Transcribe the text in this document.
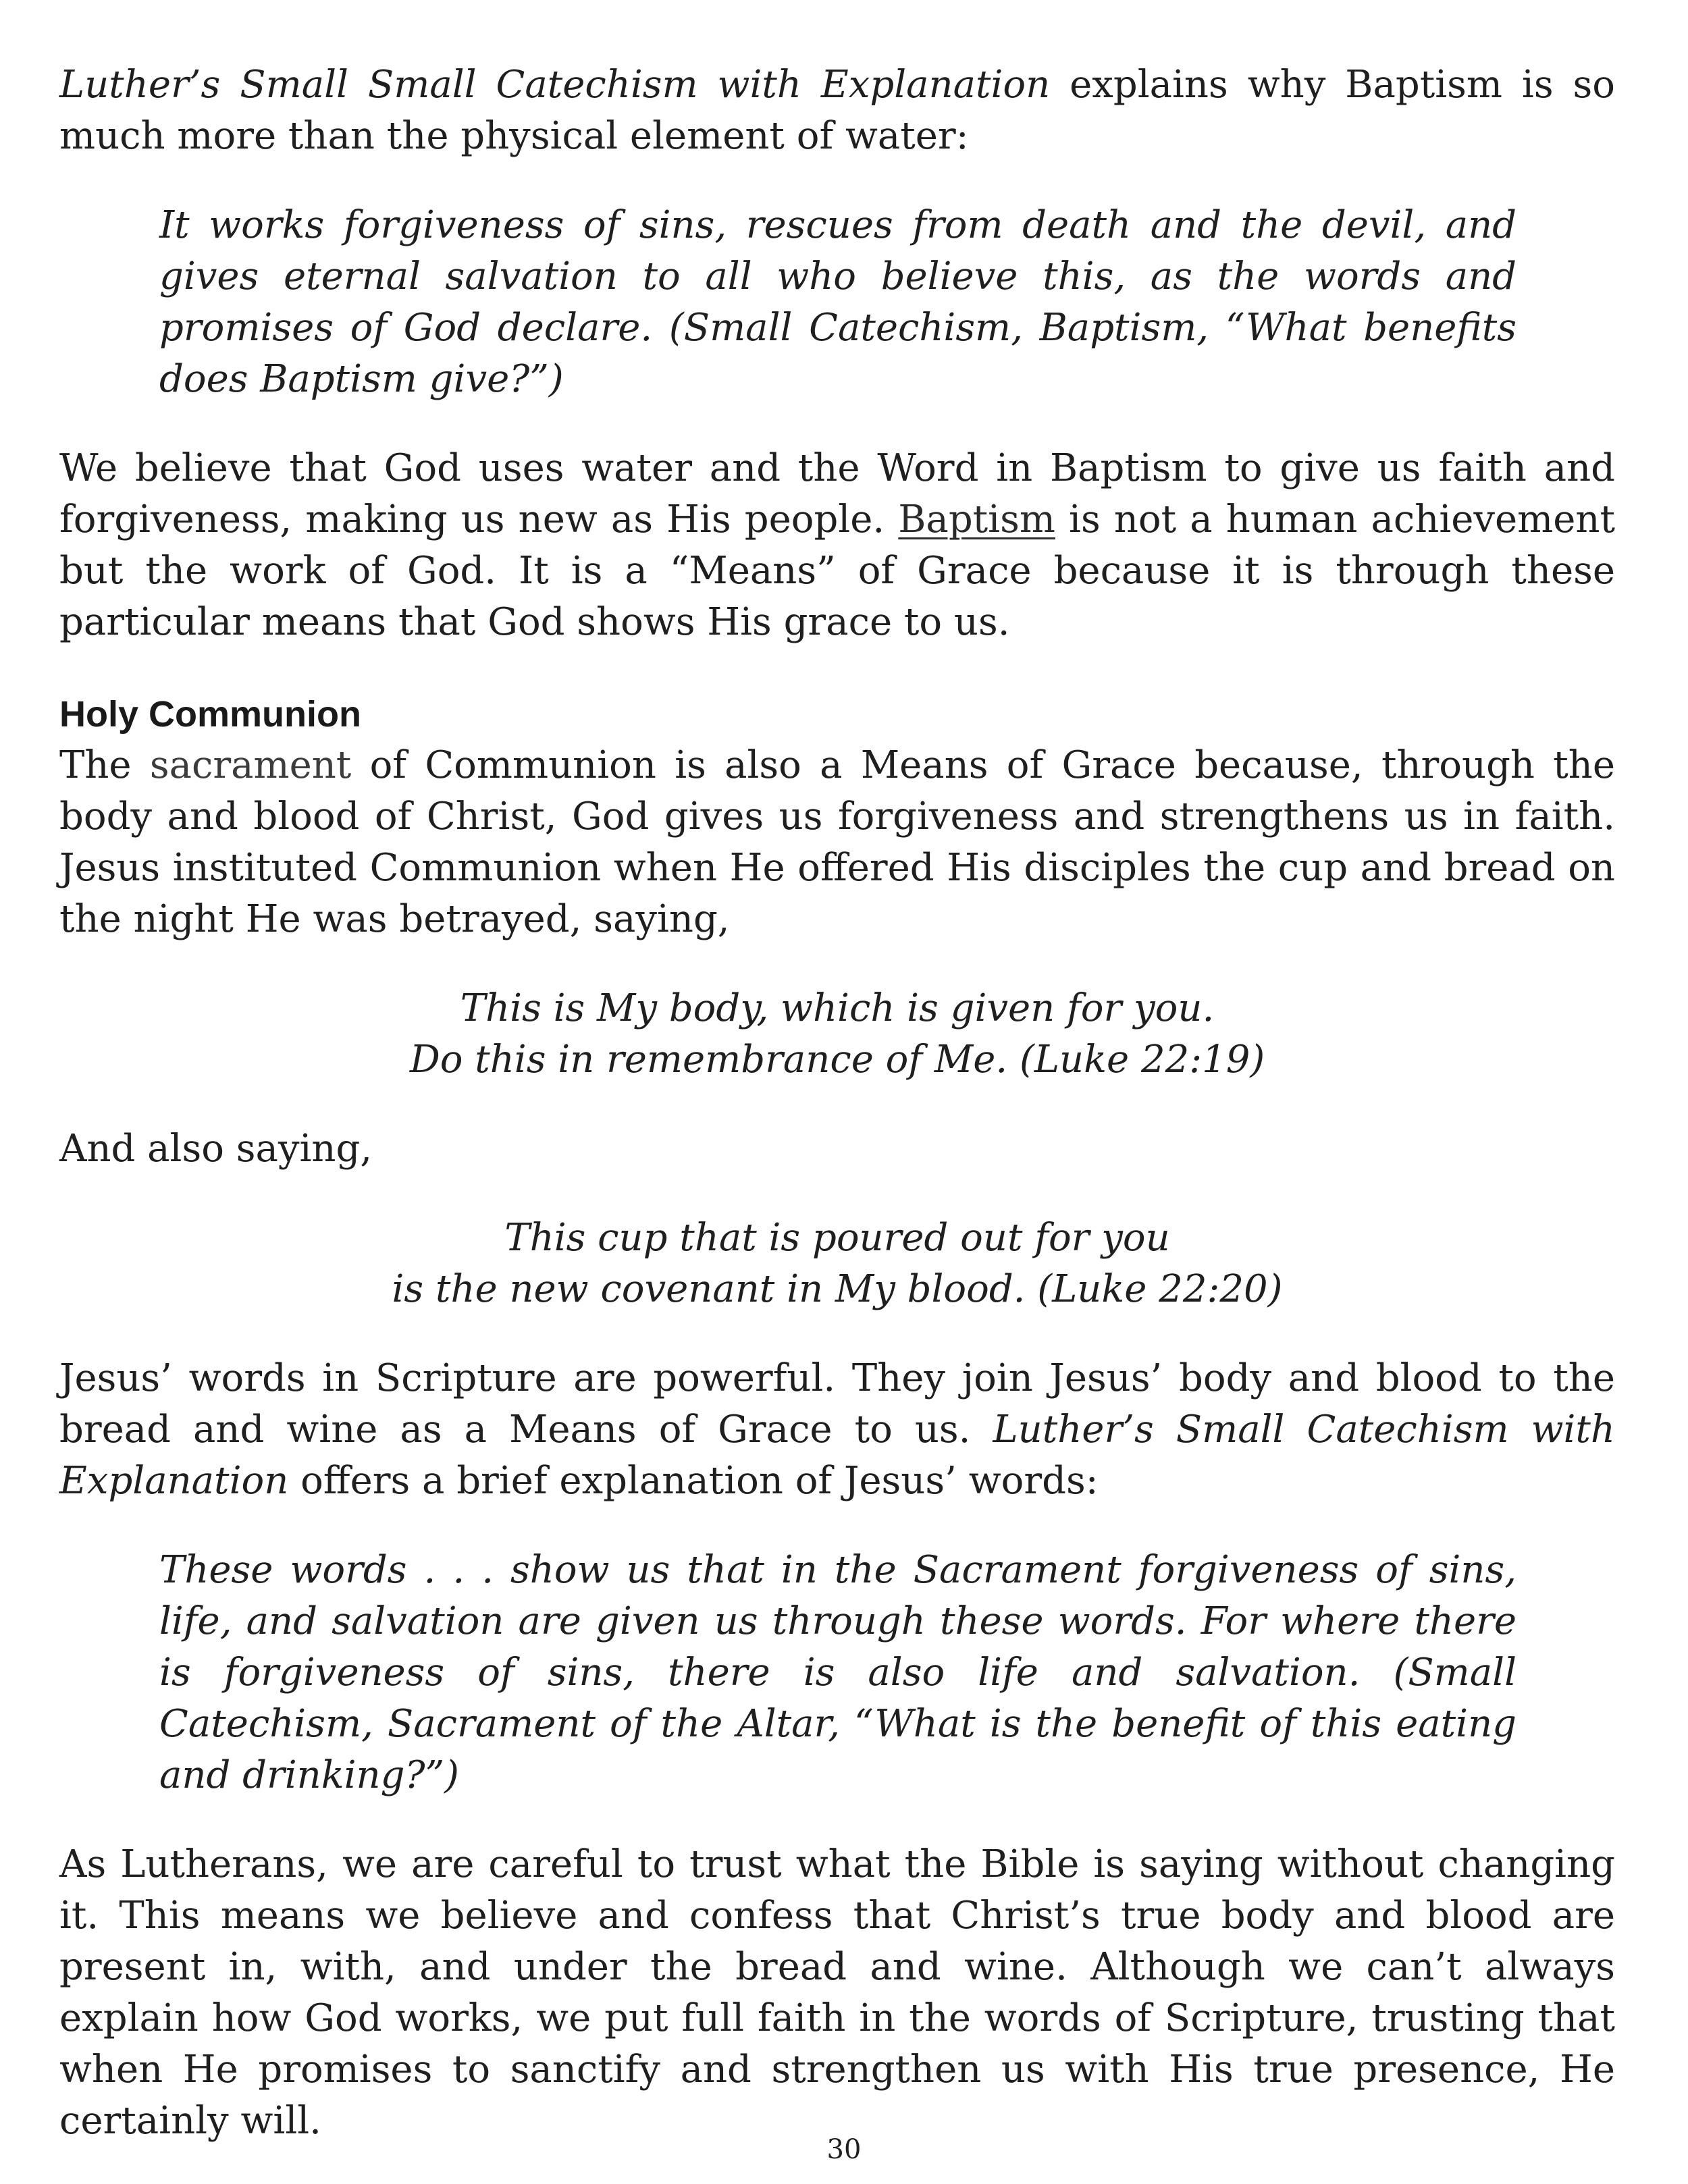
Luther’s Small Small Catechism with Explanation explains why Baptism is so much more than the physical element of water:

It works forgiveness of sins, rescues from death and the devil, and gives eternal salvation to all who believe this, as the words and promises of God declare. (Small Catechism, Baptism, “What benefits does Baptism give?”)

We believe that God uses water and the Word in Baptism to give us faith and forgiveness, making us new as His people. Baptism is not a human achievement but the work of God. It is a “Means” of Grace because it is through these particular means that God shows His grace to us.

Holy Communion

The sacrament of Communion is also a Means of Grace because, through the body and blood of Christ, God gives us forgiveness and strengthens us in faith. Jesus instituted Communion when He offered His disciples the cup and bread on the night He was betrayed, saying,

This is My body, which is given for you.
Do this in remembrance of Me. (Luke 22:19)

And also saying,

This cup that is poured out for you
is the new covenant in My blood. (Luke 22:20)

Jesus’ words in Scripture are powerful. They join Jesus’ body and blood to the bread and wine as a Means of Grace to us. Luther’s Small Catechism with Explanation offers a brief explanation of Jesus’ words:

These words . . . show us that in the Sacrament forgiveness of sins, life, and salvation are given us through these words. For where there is forgiveness of sins, there is also life and salvation. (Small Catechism, Sacrament of the Altar, “What is the benefit of this eating and drinking?”)

As Lutherans, we are careful to trust what the Bible is saying without changing it. This means we believe and confess that Christ’s true body and blood are present in, with, and under the bread and wine. Although we can’t always explain how God works, we put full faith in the words of Scripture, trusting that when He promises to sanctify and strengthen us with His true presence, He certainly will.

30
